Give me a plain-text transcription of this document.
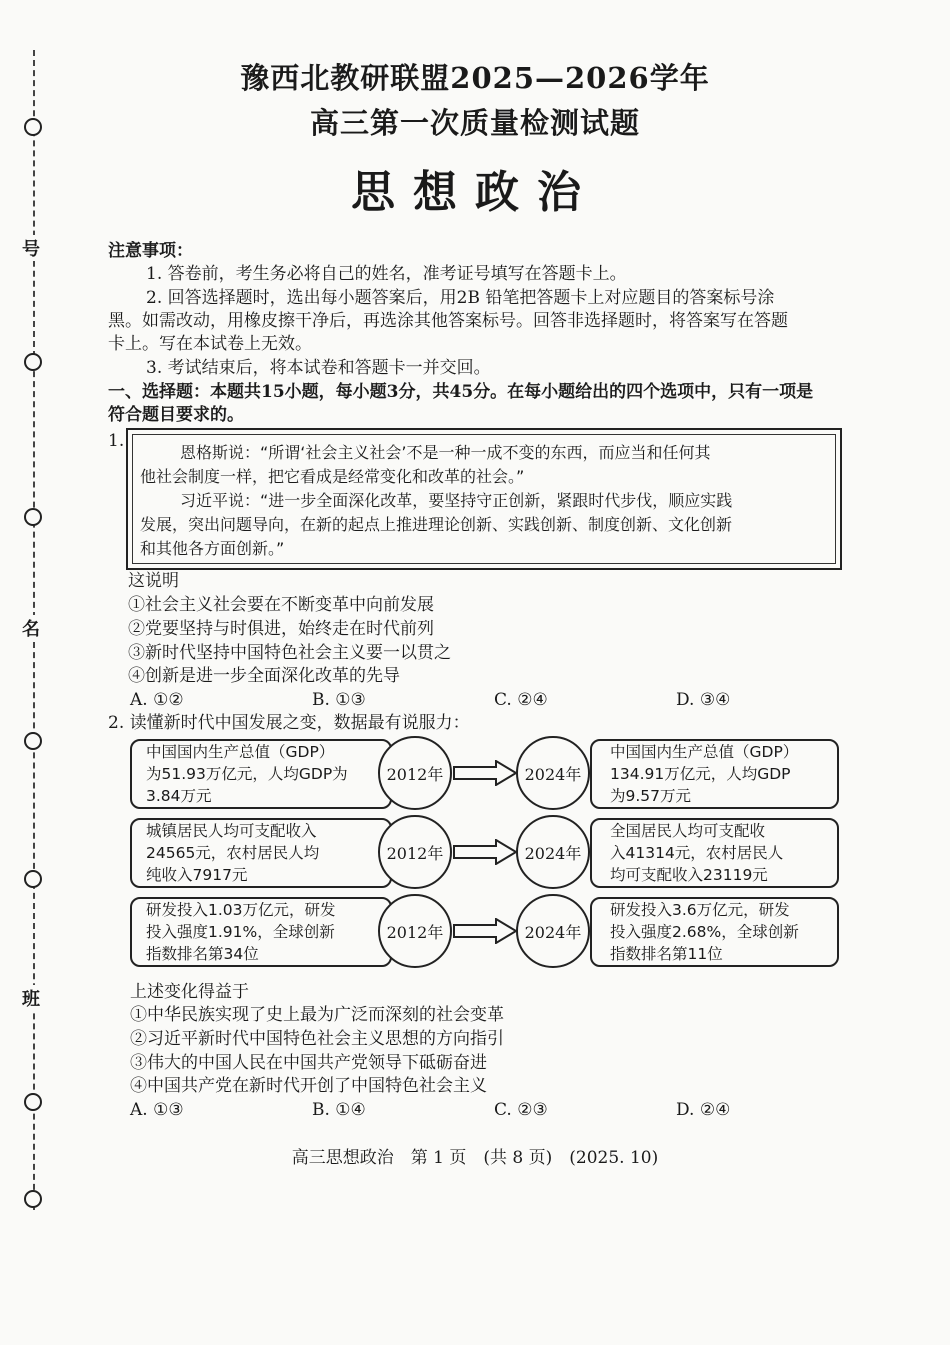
号
名
班
豫西北教研联盟2025—2026学年
高三第一次质量检测试题
思想政治
注意事项：
1. 答卷前，考生务必将自己的姓名，准考证号填写在答题卡上。
2. 回答选择题时，选出每小题答案后，用2B 铅笔把答题卡上对应题目的答案标号涂
黑。如需改动，用橡皮擦干净后，再选涂其他答案标号。回答非选择题时，将答案写在答题
卡上。写在本试卷上无效。
3. 考试结束后，将本试卷和答题卡一并交回。
一、选择题：本题共15小题，每小题3分，共45分。在每小题给出的四个选项中，只有一项是
符合题目要求的。
1.
恩格斯说：“所谓‘社会主义社会’不是一种一成不变的东西，而应当和任何其
他社会制度一样，把它看成是经常变化和改革的社会。”
习近平说：“进一步全面深化改革，要坚持守正创新，紧跟时代步伐，顺应实践
发展，突出问题导向，在新的起点上推进理论创新、实践创新、制度创新、文化创新
和其他各方面创新。”
这说明
①社会主义社会要在不断变革中向前发展
②党要坚持与时俱进，始终走在时代前列
③新时代坚持中国特色社会主义要一以贯之
④创新是进一步全面深化改革的先导
A. ①②	B. ①③	C. ②④	D. ③④
2. 读懂新时代中国发展之变，数据最有说服力：
中国国内生产总值（GDP）
为51.93万亿元，人均GDP为
3.84万元
2012年	2024年
中国国内生产总值（GDP）
134.91万亿元，人均GDP
为9.57万元
城镇居民人均可支配收入
24565元，农村居民人均
纯收入7917元
2012年	2024年
全国居民人均可支配收
入41314元，农村居民人
均可支配收入23119元
研发投入1.03万亿元，研发
投入强度1.91%，全球创新
指数排名第34位
2012年	2024年
研发投入3.6万亿元，研发
投入强度2.68%，全球创新
指数排名第11位
上述变化得益于
①中华民族实现了史上最为广泛而深刻的社会变革
②习近平新时代中国特色社会主义思想的方向指引
③伟大的中国人民在中国共产党领导下砥砺奋进
④中国共产党在新时代开创了中国特色社会主义
A. ①③	B. ①④	C. ②③	D. ②④
高三思想政治　第 1 页　(共 8 页)　(2025. 10)
